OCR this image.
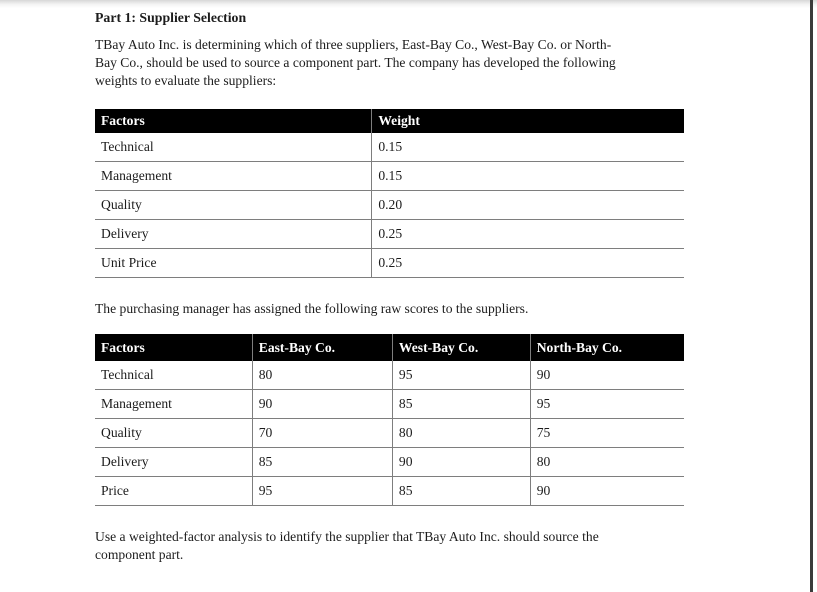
Part 1: Supplier Selection
TBay Auto Inc. is determining which of three suppliers, East-Bay Co., West-Bay Co. or North-
Bay Co., should be used to source a component part. The company has developed the following
weights to evaluate the suppliers:
Factors	Weight
Technical	0.15
Management	0.15
Quality	0.20
Delivery	0.25
Unit Price	0.25
The purchasing manager has assigned the following raw scores to the suppliers.
Factors	East-Bay Co.	West-Bay Co.	North-Bay Co.
Technical	80	95	90
Management	90	85	95
Quality	70	80	75
Delivery	85	90	80
Price	95	85	90
Use a weighted-factor analysis to identify the supplier that TBay Auto Inc. should source the
component part.
